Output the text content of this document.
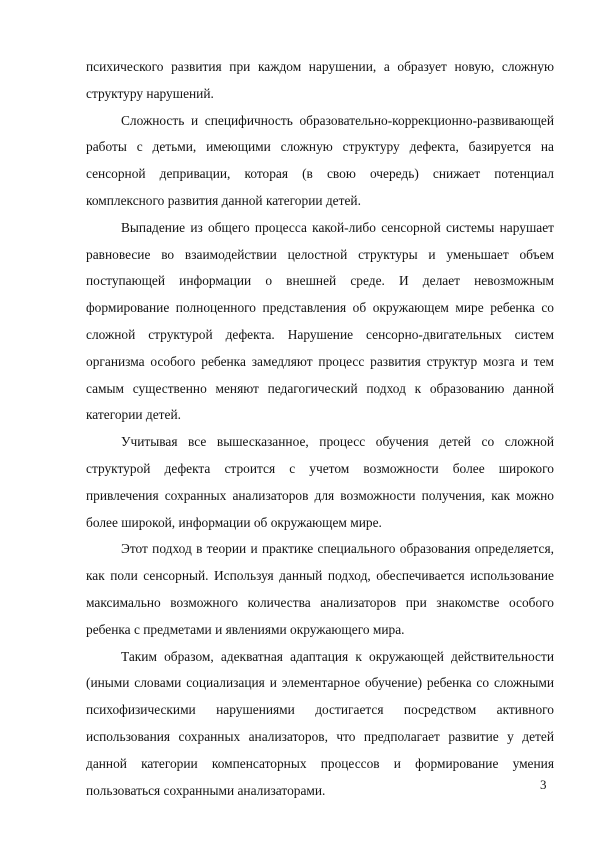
психического развития при каждом нарушении, а образует новую, сложную структуру нарушений.

Сложность и специфичность образовательно-коррекционно-развивающей работы с детьми, имеющими сложную структуру дефекта, базируется на сенсорной депривации, которая (в свою очередь) снижает потенциал комплексного развития данной категории детей.

Выпадение из общего процесса какой-либо сенсорной системы нарушает равновесие во взаимодействии целостной структуры и уменьшает объем поступающей информации о внешней среде. И делает невозможным формирование полноценного представления об окружающем мире ребенка со сложной структурой дефекта. Нарушение сенсорно-двигательных систем организма особого ребенка замедляют процесс развития структур мозга и тем самым существенно меняют педагогический подход к образованию данной категории детей.

Учитывая все вышесказанное, процесс обучения детей со сложной структурой дефекта строится с учетом возможности более широкого привлечения сохранных анализаторов для возможности получения, как можно более широкой, информации об окружающем мире.

Этот подход в теории и практике специального образования определяется, как поли сенсорный. Используя данный подход, обеспечивается использование максимально возможного количества анализаторов при знакомстве особого ребенка с предметами и явлениями окружающего мира.

Таким образом, адекватная адаптация к окружающей действительности (иными словами социализация и элементарное обучение) ребенка со сложными психофизическими нарушениями достигается посредством активного использования сохранных анализаторов, что предполагает развитие у детей данной категории компенсаторных процессов и формирование умения пользоваться сохранными анализаторами.	3
